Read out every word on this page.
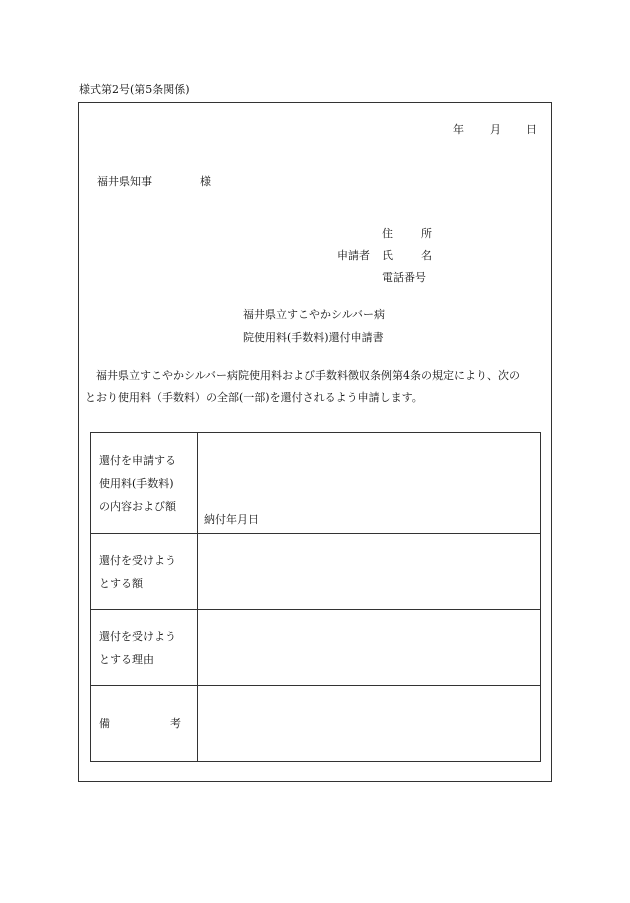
様式第2号(第5条関係)
年 月 日
福井県知事	様
住	所
申請者 氏	名
電話番号
福井県立すこやかシルバー病
院使用料(手数料)還付申請書

福井県立すこやかシルバー病院使用料および手数料徴収条例第4条の規定により、次の

とおり使用料（手数料）の全部(一部)を還付されるよう申請します。

還付を申請する
使用料(手数料)
の内容および額	納付年月日

還付を受けよう
とする額	

還付を受けよう
とする理由	

備 考	
